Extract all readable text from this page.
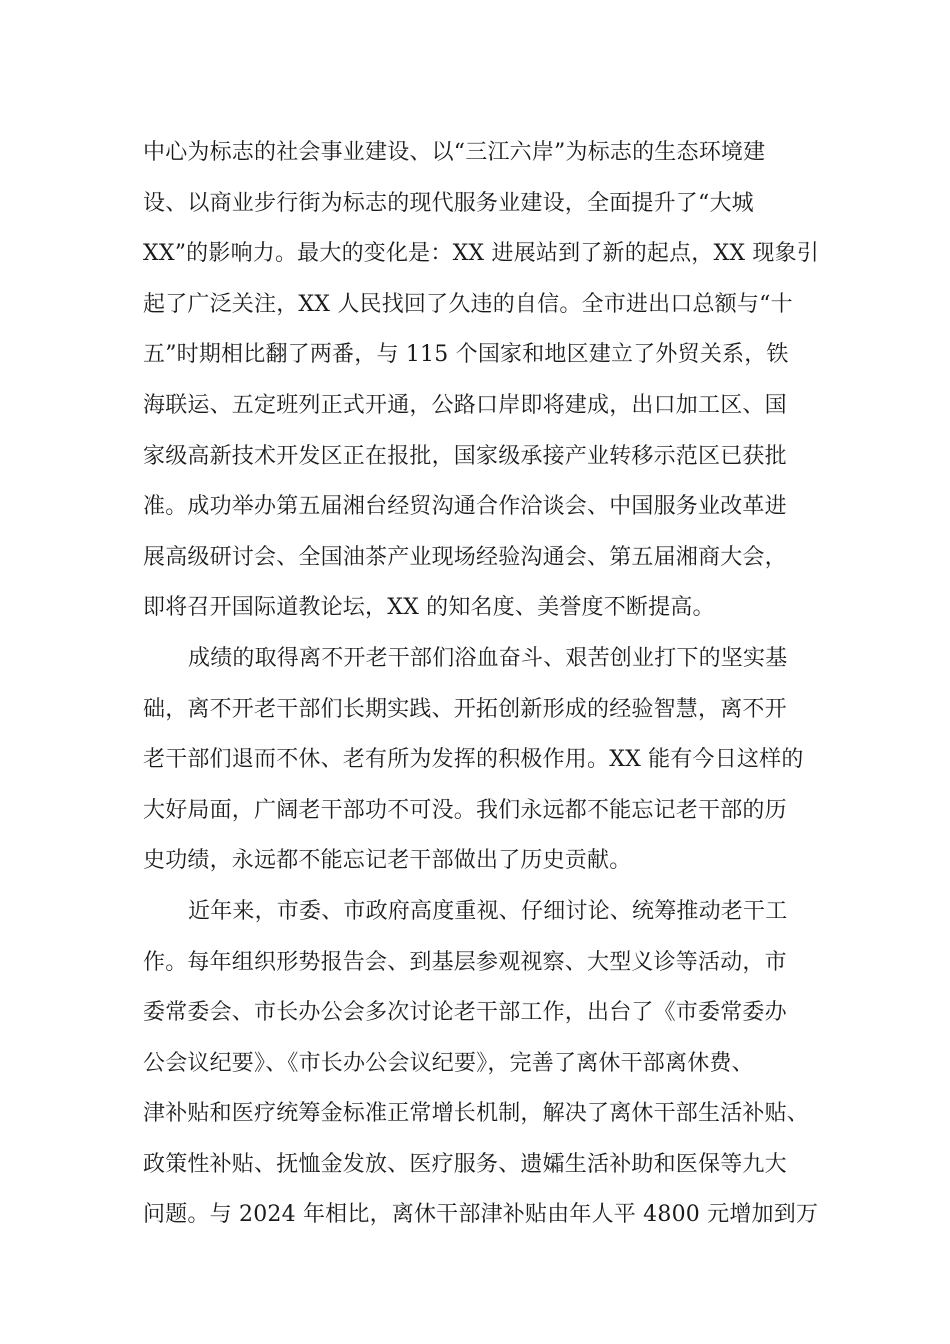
中心为标志的社会事业建设、以“三江六岸”为标志的生态环境建
设、以商业步行街为标志的现代服务业建设，全面提升了“大城
XX”的影响力。最大的变化是：XX 进展站到了新的起点，XX 现象引
起了广泛关注，XX 人民找回了久违的自信。全市进出口总额与“十
五”时期相比翻了两番，与 115 个国家和地区建立了外贸关系，铁
海联运、五定班列正式开通，公路口岸即将建成，出口加工区、国
家级高新技术开发区正在报批，国家级承接产业转移示范区已获批
准。成功举办第五届湘台经贸沟通合作洽谈会、中国服务业改革进
展高级研讨会、全国油茶产业现场经验沟通会、第五届湘商大会，
即将召开国际道教论坛，XX 的知名度、美誉度不断提高。
成绩的取得离不开老干部们浴血奋斗、艰苦创业打下的坚实基
础，离不开老干部们长期实践、开拓创新形成的经验智慧，离不开
老干部们退而不休、老有所为发挥的积极作用。XX 能有今日这样的
大好局面，广阔老干部功不可没。我们永远都不能忘记老干部的历
史功绩，永远都不能忘记老干部做出了历史贡献。
近年来，市委、市政府高度重视、仔细讨论、统筹推动老干工
作。每年组织形势报告会、到基层参观视察、大型义诊等活动，市
委常委会、市长办公会多次讨论老干部工作，出台了《市委常委办
公会议纪要》、《市长办公会议纪要》，完善了离休干部离休费、
津补贴和医疗统筹金标准正常增长机制，解决了离休干部生活补贴、
政策性补贴、抚恤金发放、医疗服务、遗孀生活补助和医保等九大
问题。与 2024 年相比，离休干部津补贴由年人平 4800 元增加到万
